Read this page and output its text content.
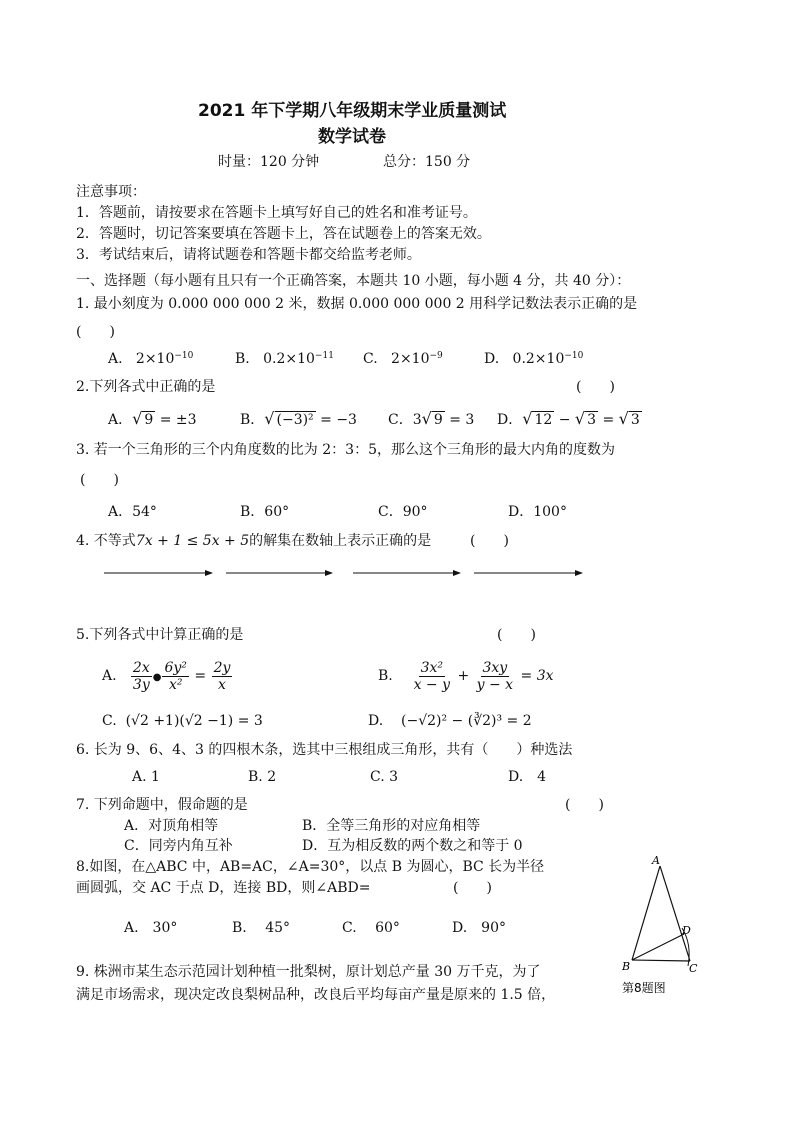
2021 年下学期八年级期末学业质量测试
数学试卷
时量：120 分钟	总分：150 分
注意事项：
1．答题前，请按要求在答题卡上填写好自己的姓名和准考证号。
2．答题时，切记答案要填在答题卡上，答在试题卷上的答案无效。
3．考试结束后，请将试题卷和答题卡都交给监考老师。
一、选择题（每小题有且只有一个正确答案，本题共 10 小题，每小题 4 分，共 40 分）：
1. 最小刻度为 0.000 000 000 2 米，数据 0.000 000 000 2 用科学记数法表示正确的是
(　　)
A. $2\times 10^{-10}$	B. $0.2\times 10^{-11}$ C. $2\times 10^{-9}$	D. $0.2\times 10^{-10}$
2.下列各式中正确的是	(　　)
A．√ 9 = ±3	B．√ (−3)² = −3 C．3√ 9 = 3 D．√ 12 − √ 3 = √ 3
3. 若一个三角形的三个内角度数的比为 2：3：5，那么这个三角形的最大内角的度数为
(　　)
A．54°	B．60°	C．90°	D．100°
4. 不等式7x + 1 ≤ 5x + 5的解集在数轴上表示正确的是	(　　)
5.下列各式中计算正确的是	(　　)
A. $\frac{2x}{3y}$ ● $\frac{\text{6y²}}{\text{x²}} = \frac{2y}{x}$	B. $\frac{\text{3x²}}{x - y} + \frac{3xy}{y - x} = 3x$
C. (√2 +1)(√2 −1) = 3	D. (−√2)² − (∛2)³ = 2
6. 长为 9、6、4、3 的四根木条，选其中三根组成三角形，共有（　　）种选法
A. 1	B. 2	C. 3	D.　4
7. 下列命题中，假命题的是	(　　)
A．对顶角相等	B．全等三角形的对应角相等
C．同旁内角互补	D．互为相反数的两个数之和等于 0
8.如图，在△ABC 中，AB=AC，∠A=30°，以点 B 为圆心，BC 长为半径
画圆弧，交 AC 于点 D，连接 BD，则∠ABD=	(　　)
A.　30°	B.　 45°	C.　 60°	D.　90°
A
B	C
D
第8题图
9. 株洲市某生态示范园计划种植一批梨树，原计划总产量 30 万千克，为了
满足市场需求，现决定改良梨树品种，改良后平均每亩产量是原来的 1.5 倍，
